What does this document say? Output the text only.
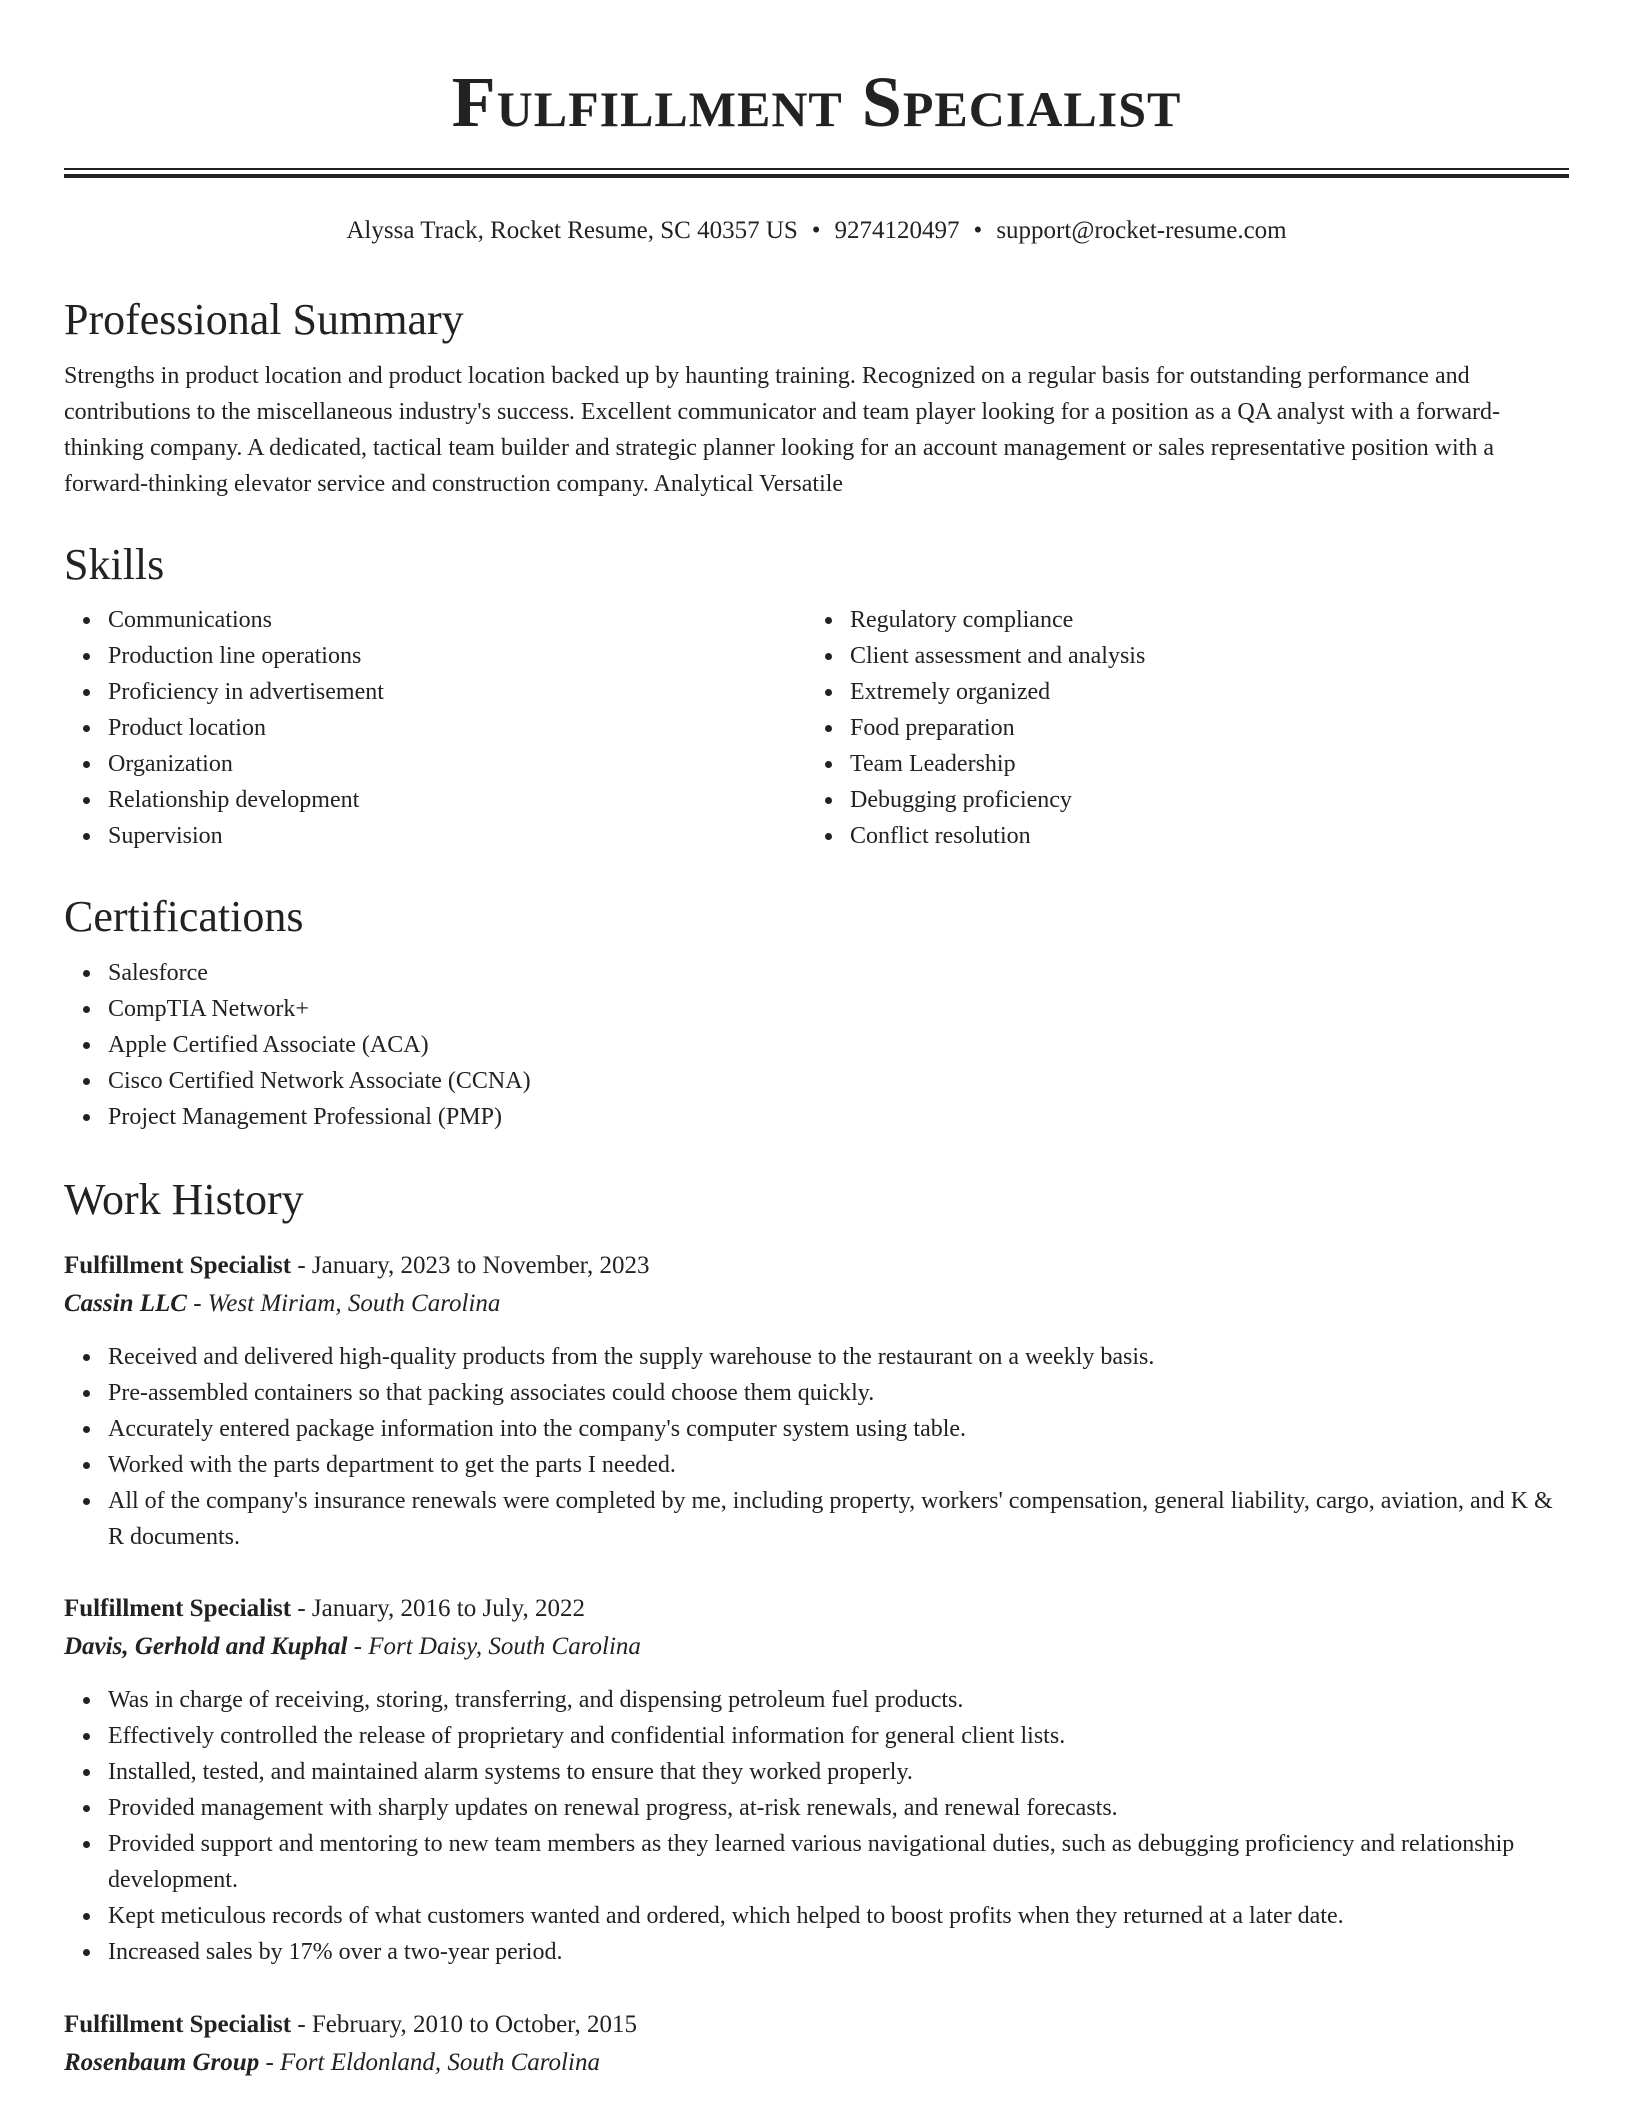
Fulfillment Specialist
Alyssa Track, Rocket Resume, SC 40357 US • 9274120497 • support@rocket-resume.com
Professional Summary

Strengths in product location and product location backed up by haunting training. Recognized on a regular basis for outstanding performance and contributions to the miscellaneous industry's success. Excellent communicator and team player looking for a position as a QA analyst with a forward-thinking company. A dedicated, tactical team builder and strategic planner looking for an account management or sales representative position with a forward-thinking elevator service and construction company. Analytical Versatile

Skills
Communications
Production line operations
Proficiency in advertisement
Product location
Organization
Relationship development
Supervision
Regulatory compliance
Client assessment and analysis
Extremely organized
Food preparation
Team Leadership
Debugging proficiency
Conflict resolution
Certifications
Salesforce
CompTIA Network+
Apple Certified Associate (ACA)
Cisco Certified Network Associate (CCNA)
Project Management Professional (PMP)
Work History
Fulfillment Specialist - January, 2023 to November, 2023
Cassin LLC - West Miriam, South Carolina
Received and delivered high-quality products from the supply warehouse to the restaurant on a weekly basis.
Pre-assembled containers so that packing associates could choose them quickly.
Accurately entered package information into the company's computer system using table.
Worked with the parts department to get the parts I needed.
All of the company's insurance renewals were completed by me, including property, workers' compensation, general liability, cargo, aviation, and K & R documents.
Fulfillment Specialist - January, 2016 to July, 2022
Davis, Gerhold and Kuphal - Fort Daisy, South Carolina
Was in charge of receiving, storing, transferring, and dispensing petroleum fuel products.
Effectively controlled the release of proprietary and confidential information for general client lists.
Installed, tested, and maintained alarm systems to ensure that they worked properly.
Provided management with sharply updates on renewal progress, at-risk renewals, and renewal forecasts.
Provided support and mentoring to new team members as they learned various navigational duties, such as debugging proficiency and relationship development.
Kept meticulous records of what customers wanted and ordered, which helped to boost profits when they returned at a later date.
Increased sales by 17% over a two-year period.
Fulfillment Specialist - February, 2010 to October, 2015
Rosenbaum Group - Fort Eldonland, South Carolina
